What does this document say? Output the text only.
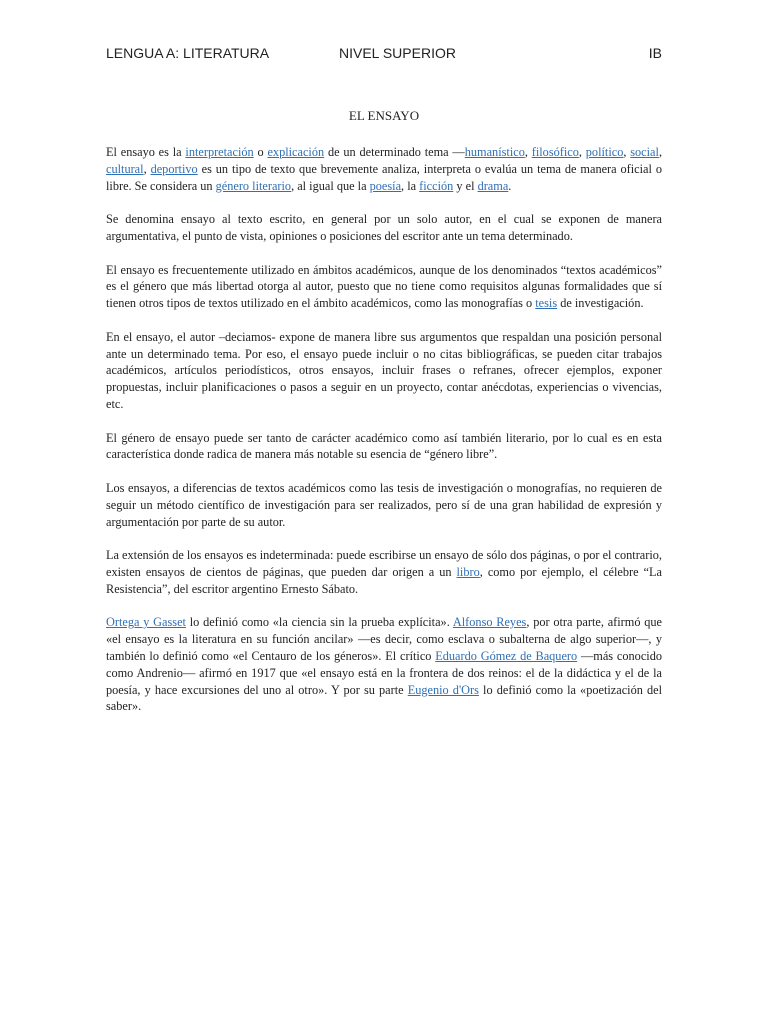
LENGUA A: LITERATURA	NIVEL SUPERIOR	IB
EL ENSAYO

El ensayo es la interpretación o explicación de un determinado tema —humanístico, filosófico, político, social, cultural, deportivo es un tipo de texto que brevemente analiza, interpreta o evalúa un tema de manera oficial o libre. Se considera un género literario, al igual que la poesía, la ficción y el drama.

Se denomina ensayo al texto escrito, en general por un solo autor, en el cual se exponen de manera argumentativa, el punto de vista, opiniones o posiciones del escritor ante un tema determinado.

El ensayo es frecuentemente utilizado en ámbitos académicos, aunque de los denominados “textos académicos” es el género que más libertad otorga al autor, puesto que no tiene como requisitos algunas formalidades que sí tienen otros tipos de textos utilizado en el ámbito académicos, como las monografías o tesis de investigación.

En el ensayo, el autor –deciamos- expone de manera libre sus argumentos que respaldan una posición personal ante un determinado tema. Por eso, el ensayo puede incluir o no citas bibliográficas, se pueden citar trabajos académicos, artículos periodísticos, otros ensayos, incluir frases o refranes, ofrecer ejemplos, exponer propuestas, incluir planificaciones o pasos a seguir en un proyecto, contar anécdotas, experiencias o vivencias, etc.

El género de ensayo puede ser tanto de carácter académico como así también literario, por lo cual es en esta característica donde radica de manera más notable su esencia de “género libre”.

Los ensayos, a diferencias de textos académicos como las tesis de investigación o monografías, no requieren de seguir un método científico de investigación para ser realizados, pero sí de una gran habilidad de expresión y argumentación por parte de su autor.

La extensión de los ensayos es indeterminada: puede escribirse un ensayo de sólo dos páginas, o por el contrario, existen ensayos de cientos de páginas, que pueden dar origen a un libro, como por ejemplo, el célebre “La Resistencia”, del escritor argentino Ernesto Sábato.

Ortega y Gasset lo definió como «la ciencia sin la prueba explícita». Alfonso Reyes, por otra parte, afirmó que «el ensayo es la literatura en su función ancilar» —es decir, como esclava o subalterna de algo superior—, y también lo definió como «el Centauro de los géneros». El crítico Eduardo Gómez de Baquero —más conocido como Andrenio— afirmó en 1917 que «el ensayo está en la frontera de dos reinos: el de la didáctica y el de la poesía, y hace excursiones del uno al otro». Y por su parte Eugenio d'Ors lo definió como la «poetización del saber».
